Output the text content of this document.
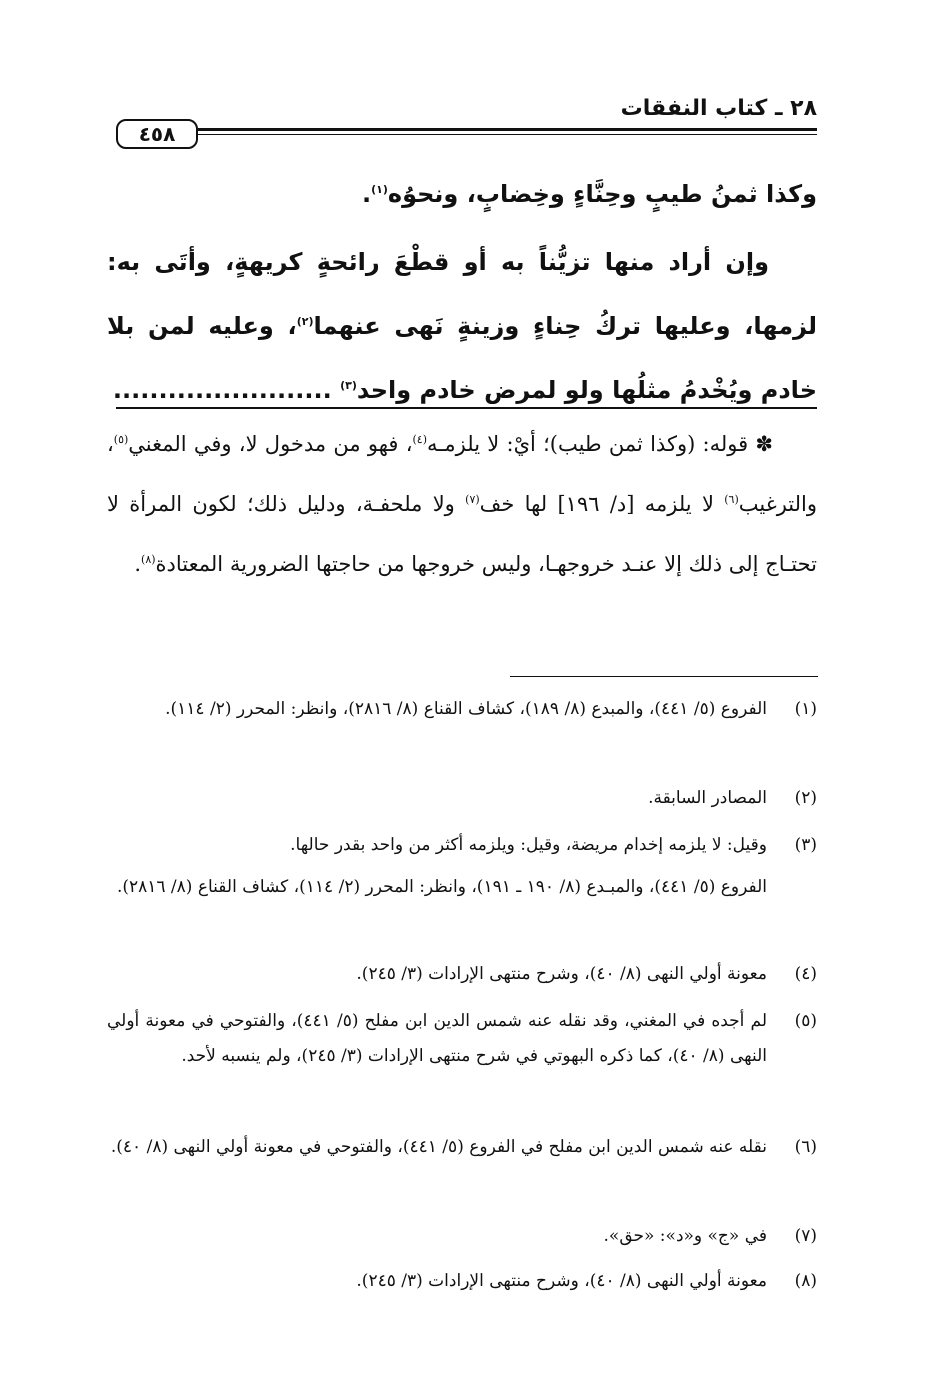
٢٨ ـ كتاب النفقات
٤٥٨
وكذا ثمنُ طيبٍ وحِنَّاءٍ وخِضابٍ، ونحوُه$^{(١)}$.
وإن أراد منها تزيُّناً به أو قطْعَ رائحةٍ كريهةٍ، وأتَى به: لزمها، وعليها تركُ حِناءٍ وزينةٍ نَهى عنهما$^{(٢)}$، وعليه لمن بلا خادم ويُخْدمُ مثلُها ولو لمرض خادم واحد$^{(٣)}$ ........................
✽ قوله: (وكذا ثمن طيب)؛ أيْ: لا يلزمـه$^{(٤)}$، فهو من مدخول لا، وفي المغني$^{(٥)}$، والترغيب$^{(٦)}$ لا يلزمه [د/ ١٩٦] لها خف$^{(٧)}$ ولا ملحفـة، ودليل ذلك؛ لكون المرأة لا تحتـاج إلى ذلك إلا عنـد خروجهـا، وليس خروجها من حاجتها الضرورية المعتادة$^{(٨)}$.
(١)
الفروع (٥/ ٤٤١)، والمبدع (٨/ ١٨٩)، كشاف القناع (٨/ ٢٨١٦)، وانظر: المحرر (٢/ ١١٤).
(٢)
المصادر السابقة.
(٣)
وقيل: لا يلزمه إخدام مريضة، وقيل: ويلزمه أكثر من واحد بقدر حالها.
الفروع (٥/ ٤٤١)، والمبـدع (٨/ ١٩٠ ـ ١٩١)، وانظر: المحرر (٢/ ١١٤)، كشاف القناع (٨/ ٢٨١٦).
(٤)
معونة أولي النهى (٨/ ٤٠)، وشرح منتهى الإرادات (٣/ ٢٤٥).
(٥)
لم أجده في المغني، وقد نقله عنه شمس الدين ابن مفلح (٥/ ٤٤١)، والفتوحي في معونة أولي النهى (٨/ ٤٠)، كما ذكره البهوتي في شرح منتهى الإرادات (٣/ ٢٤٥)، ولم ينسبه لأحد.
(٦)
نقله عنه شمس الدين ابن مفلح في الفروع (٥/ ٤٤١)، والفتوحي في معونة أولي النهى (٨/ ٤٠).
(٧)
في «ج» و«د»: «حق».
(٨)
معونة أولي النهى (٨/ ٤٠)، وشرح منتهى الإرادات (٣/ ٢٤٥).
